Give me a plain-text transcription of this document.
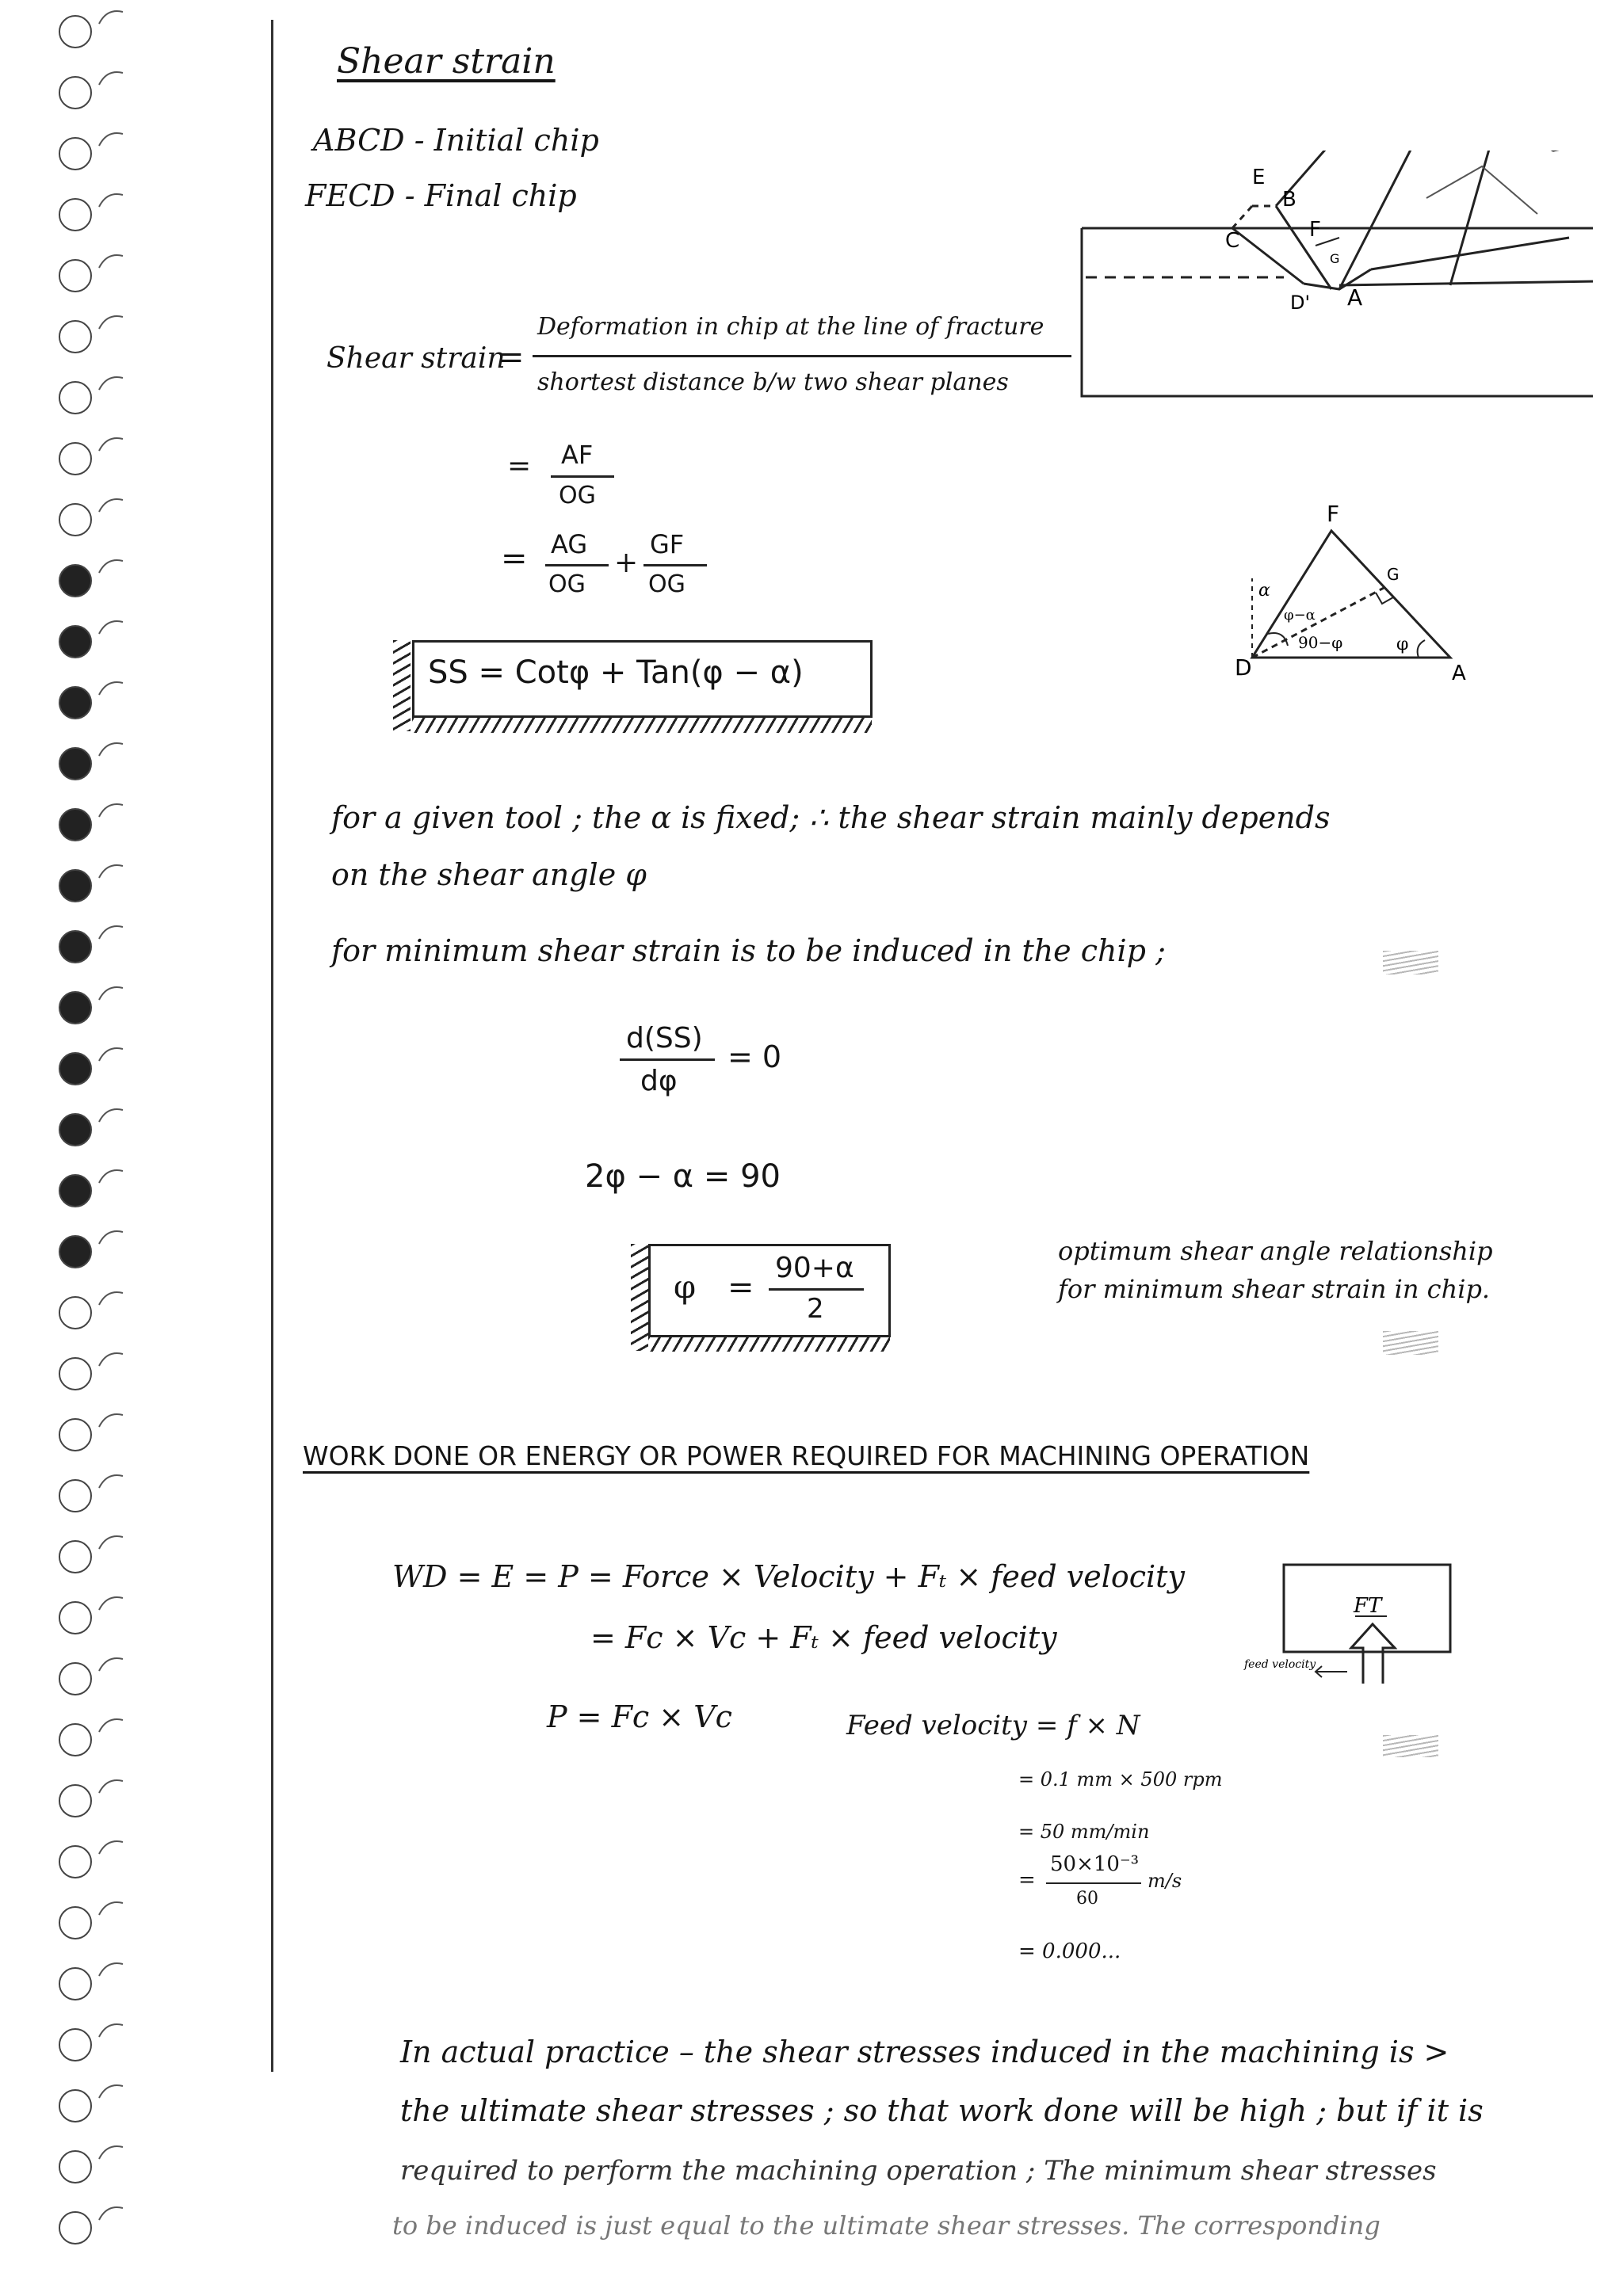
Shear strain
ABCD - Initial chip
FECD - Final chip
E
B
F
C
G
D' A
Shear strain
=
Deformation in chip at the line of fracture
shortest distance b/w two shear planes
= AF
OG
= AG
OG
+
GF
OG
SS = Cotφ + Tan(φ − α)
F
D	A
G
α
φ−α
90−φ	φ
for a given tool ; the α is fixed; ∴ the shear strain mainly depends
on the shear angle φ
for minimum shear strain is to be induced in the chip ;
d(SS)
dφ
= 0
2φ − α = 90
φ =
90+α
2
optimum shear angle relationship
for minimum shear strain in chip.
WORK DONE OR ENERGY OR POWER REQUIRED FOR MACHINING OPERATION
WD = E = P = Force × Velocity + Fₜ × feed velocity
= Fc × Vc + Fₜ × feed velocity
P = Fc × Vc	Feed velocity = f × N
= 0.1 mm × 500 rpm
= 50 mm/min
=
50×10⁻³
60
m/s
= 0.000...
FT
feed velocity
In actual practice – the shear stresses induced in the machining is >
the ultimate shear stresses ; so that work done will be high ; but if it is
required to perform the machining operation ; The minimum shear stresses
to be induced is just equal to the ultimate shear stresses. The corresponding
